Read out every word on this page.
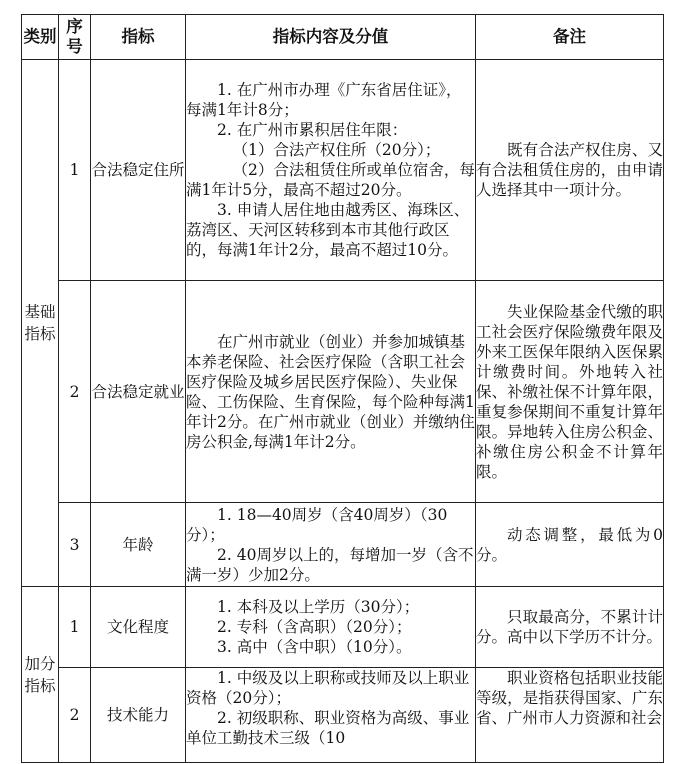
类别	序号	指标	指标内容及分值	备注
基础指标	1	合法稳定住所	1. 在广州市办理《广东省居住证》，每满1年计8分；
2. 在广州市累积居住年限：
（1）合法产权住所（20分）；
（2）合法租赁住所或单位宿舍，每满1年计5分，最高不超过20分。
3. 申请人居住地由越秀区、海珠区、荔湾区、天河区转移到本市其他行政区的，每满1年计2分，最高不超过10分。	既有合法产权住房、又有合法租赁住房的，由申请人选择其中一项计分。

	2	合法稳定就业	在广州市就业（创业）并参加城镇基本养老保险、社会医疗保险（含职工社会医疗保险及城乡居民医疗保险）、失业保险、工伤保险、生育保险，每个险种每满1年计2分。在广州市就业（创业）并缴纳住房公积金,每满1年计2分。	失业保险基金代缴的职工社会医疗保险缴费年限及外来工医保年限纳入医保累计缴费时间。外地转入社保、补缴社保不计算年限，重复参保期间不重复计算年限。异地转入住房公积金、补缴住房公积金不计算年限。

	3	年龄	1. 18—40周岁（含40周岁）（30分）；
2. 40周岁以上的，每增加一岁（含不满一岁）少加2分。	动态调整，最低为0分。

加分指标	1	文化程度	1. 本科及以上学历（30分）；
2. 专科（含高职）（20分）；
3. 高中（含中职）（10分）。	只取最高分，不累计计分。高中以下学历不计分。

	2	技术能力	1. 中级及以上职称或技师及以上职业资格（20分）；
2. 初级职称、职业资格为高级、事业单位工勤技术三级（10	职业资格包括职业技能等级，是指获得国家、广东省、广州市人力资源和社会
